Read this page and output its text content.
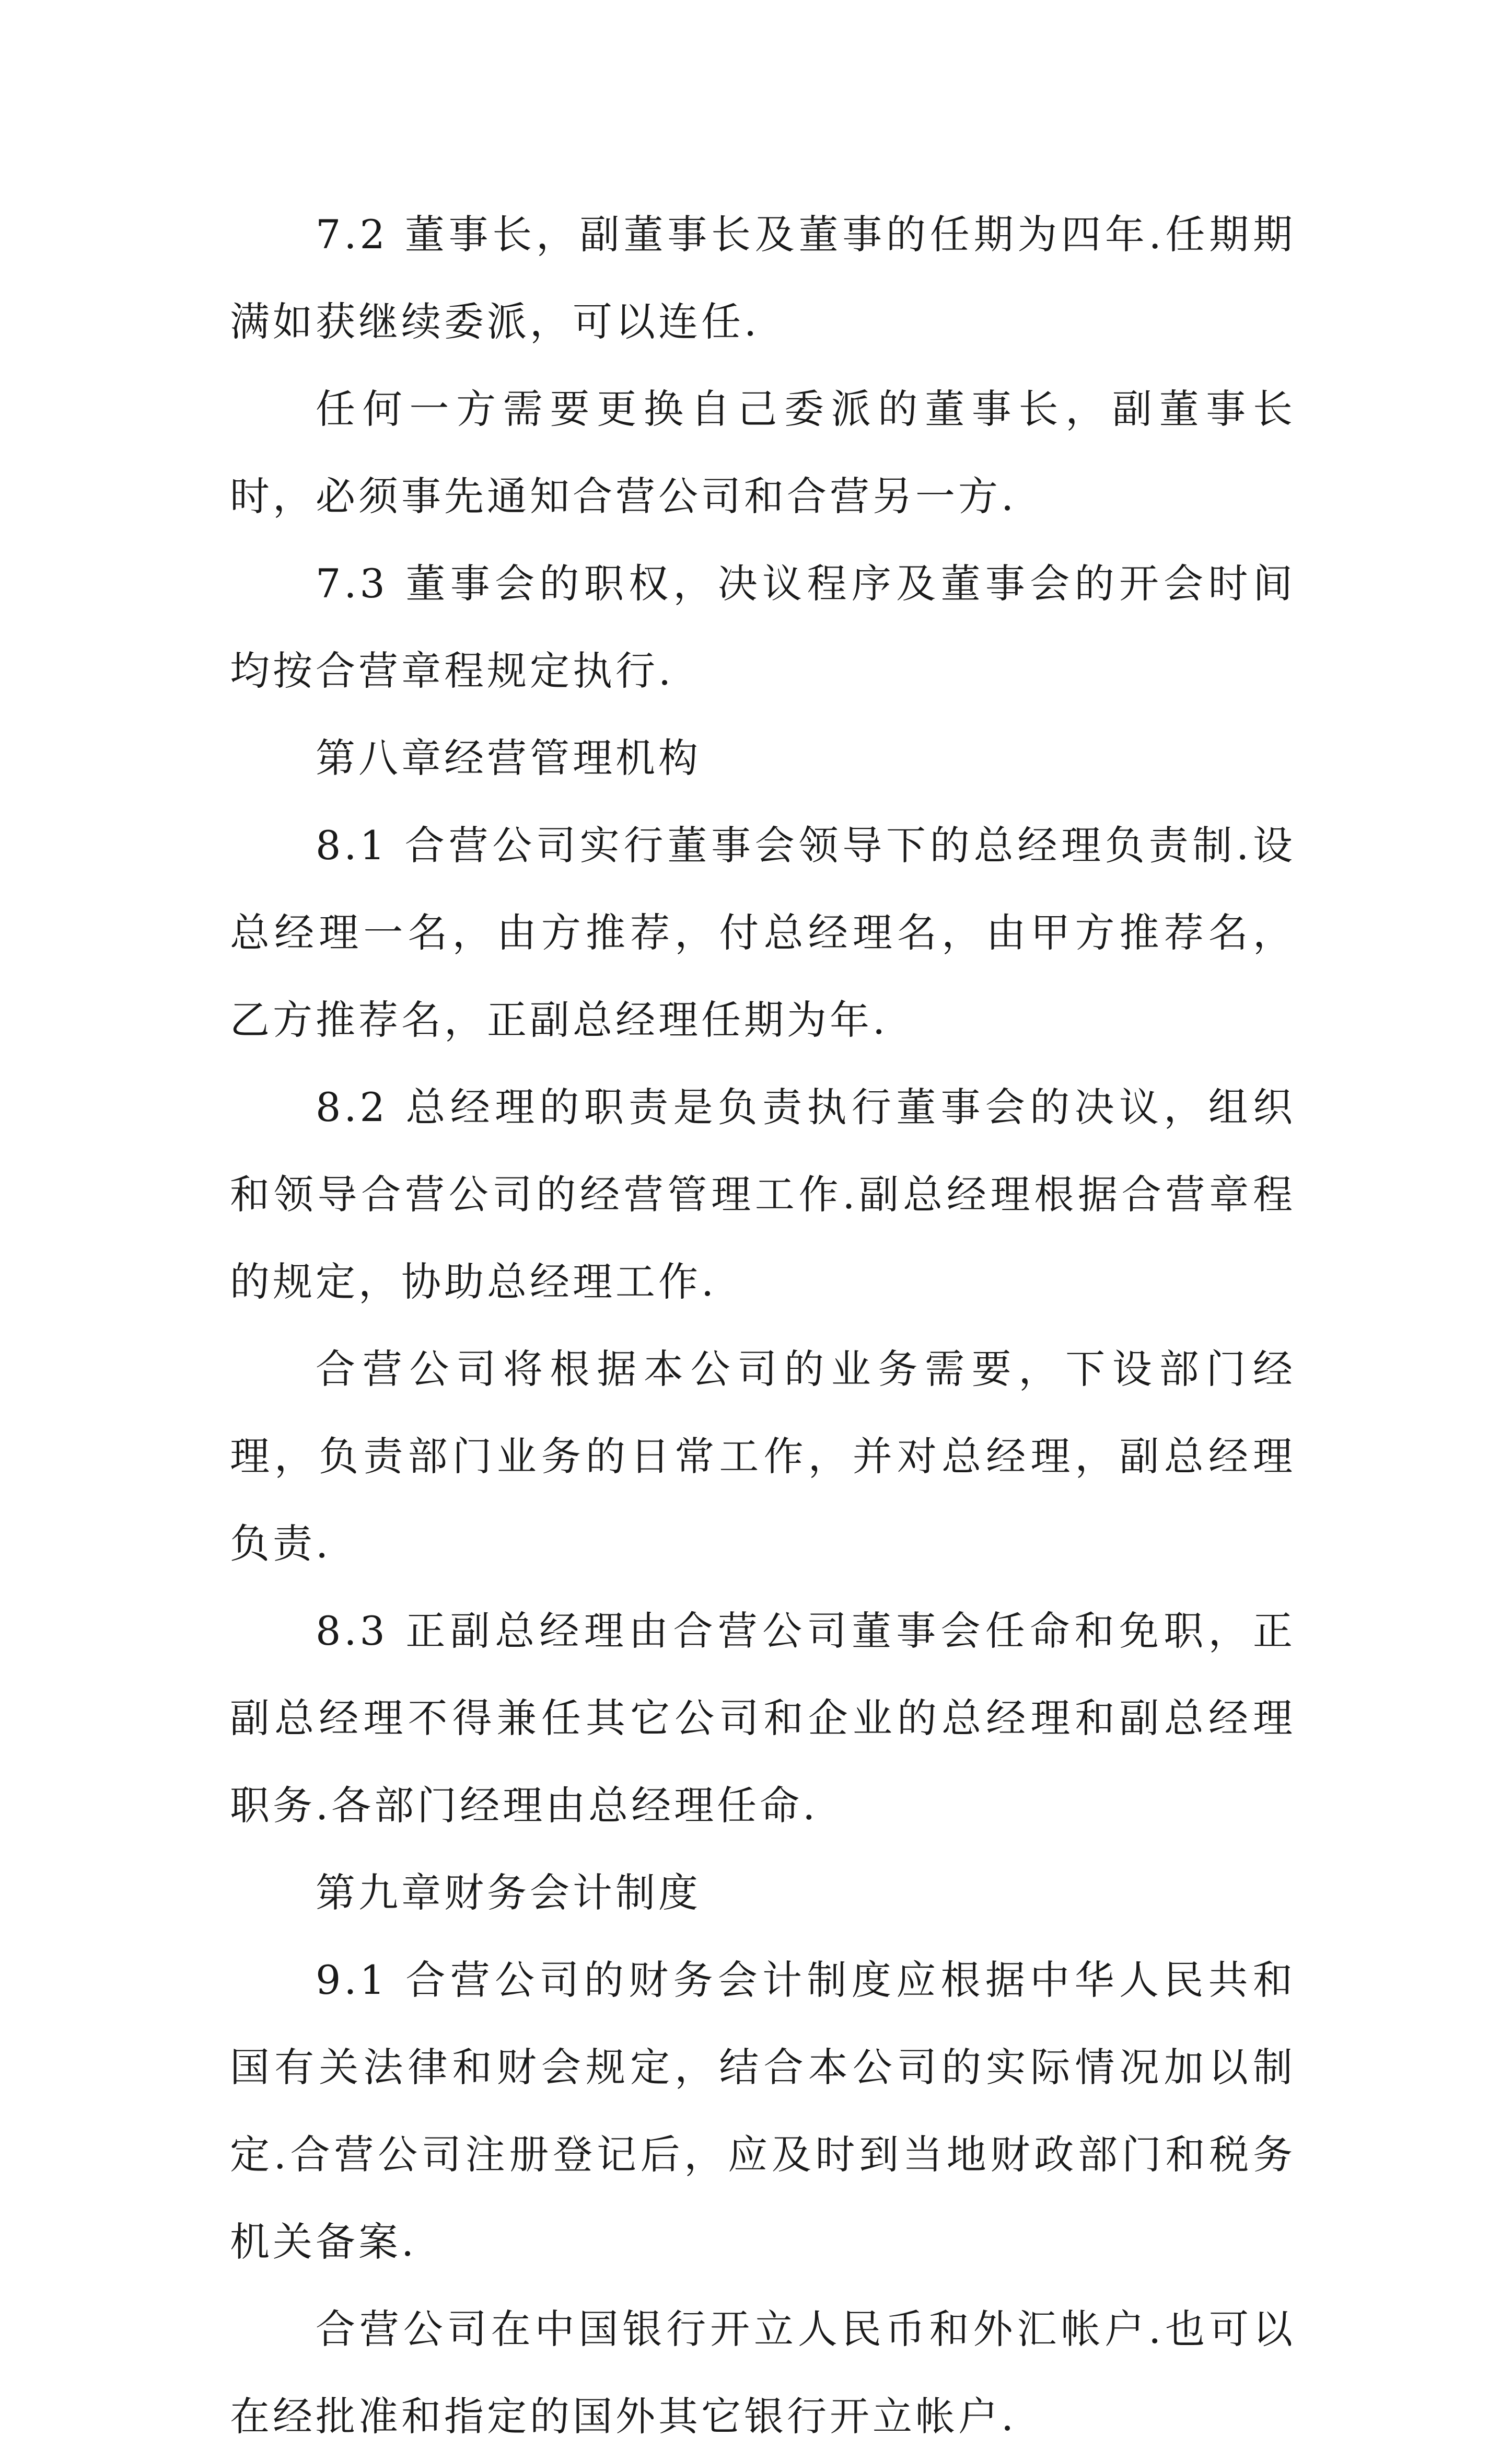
7.2 董事长，副董事长及董事的任期为四年.任期期满如获继续委派，可以连任.

任何一方需要更换自己委派的董事长，副董事长时，必须事先通知合营公司和合营另一方.

7.3 董事会的职权，决议程序及董事会的开会时间均按合营章程规定执行.

第八章经营管理机构

8.1 合营公司实行董事会领导下的总经理负责制.设总经理一名，由方推荐，付总经理名，由甲方推荐名，乙方推荐名，正副总经理任期为年.

8.2 总经理的职责是负责执行董事会的决议，组织和领导合营公司的经营管理工作.副总经理根据合营章程的规定，协助总经理工作.

合营公司将根据本公司的业务需要，下设部门经理，负责部门业务的日常工作，并对总经理，副总经理负责.

8.3 正副总经理由合营公司董事会任命和免职，正副总经理不得兼任其它公司和企业的总经理和副总经理职务.各部门经理由总经理任命.

第九章财务会计制度

9.1 合营公司的财务会计制度应根据中华人民共和国有关法律和财会规定，结合本公司的实际情况加以制定.合营公司注册登记后，应及时到当地财政部门和税务机关备案.

合营公司在中国银行开立人民币和外汇帐户.也可以在经批准和指定的国外其它银行开立帐户.
